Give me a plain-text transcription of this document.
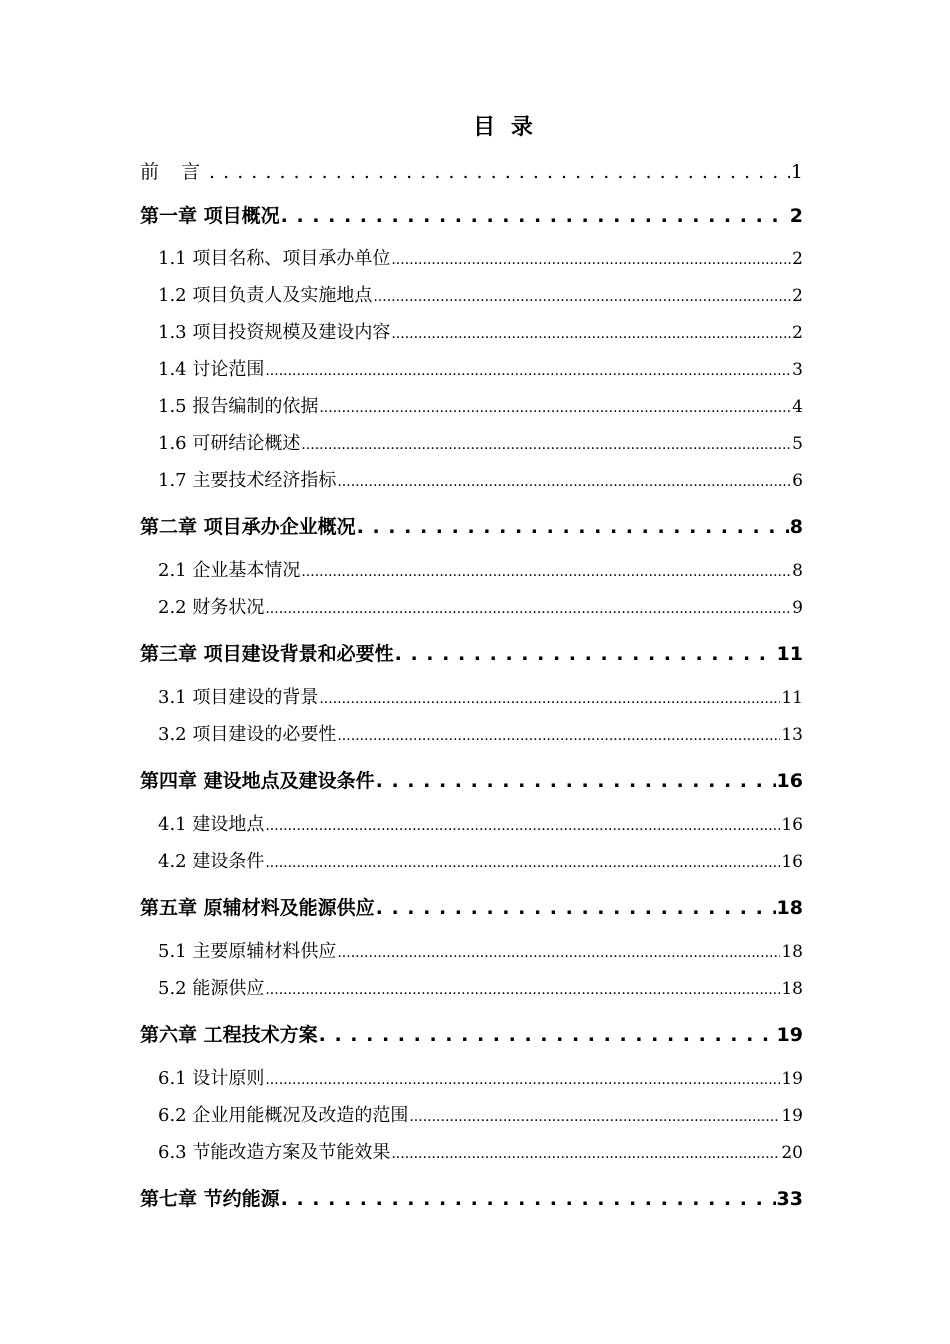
目 录
前 言 . . .	1
第一章 项目概况 . . .	2
1.1 项目名称、项目承办单位 .....	2
1.2 项目负责人及实施地点 .....	2
1.3 项目投资规模及建设内容 .....	2
1.4 讨论范围 .....	3
1.5 报告编制的依据 .....	4
1.6 可研结论概述 .....	5
1.7 主要技术经济指标 .....	6
第二章 项目承办企业概况 . . .	8
2.1 企业基本情况 .....	8
2.2 财务状况 .....	9
第三章 项目建设背景和必要性 . . .	11
3.1 项目建设的背景 .....	11
3.2 项目建设的必要性 .....	13
第四章 建设地点及建设条件 . . .	16
4.1 建设地点 .....	16
4.2 建设条件 .....	16
第五章 原辅材料及能源供应 . . .	18
5.1 主要原辅材料供应 .....	18
5.2 能源供应 .....	18
第六章 工程技术方案 . . .	19
6.1 设计原则 .....	19
6.2 企业用能概况及改造的范围 .....	19
6.3 节能改造方案及节能效果 .....	20
第七章 节约能源 . . .	33
